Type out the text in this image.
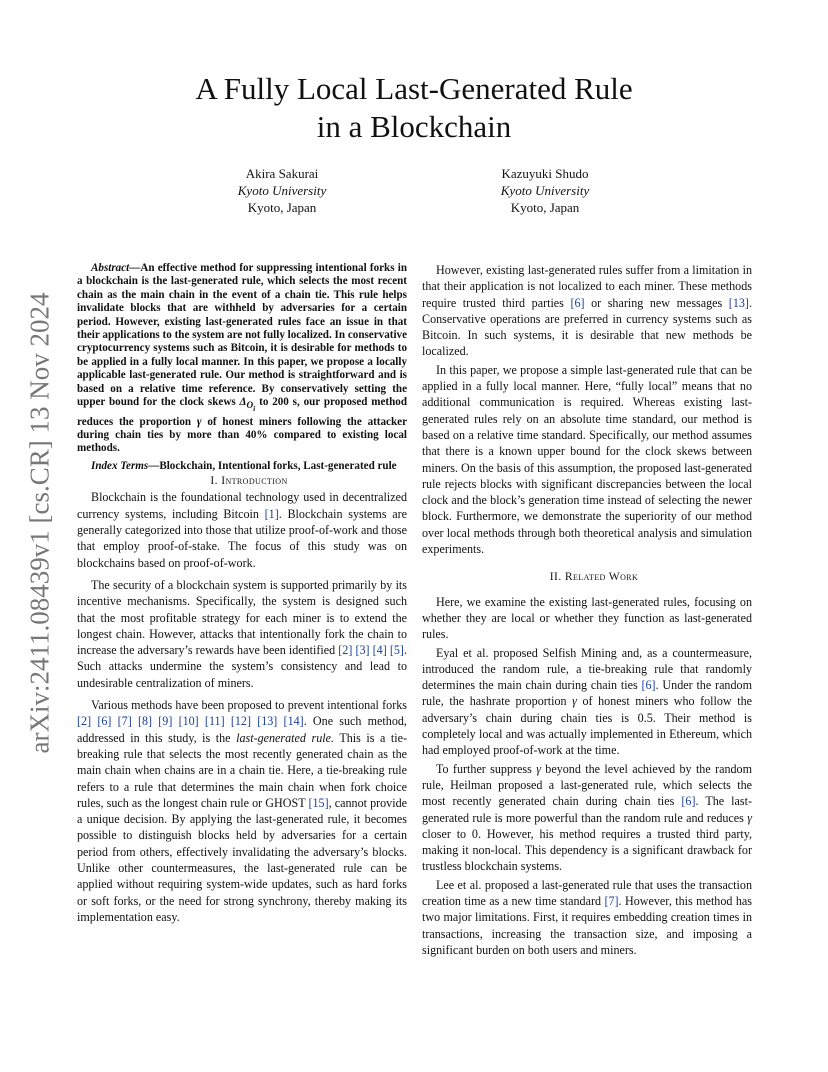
arXiv:2411.08439v1 [cs.CR] 13 Nov 2024
A Fully Local Last-Generated Rule
in a Blockchain
Akira Sakurai
Kyoto University
Kyoto, Japan
Kazuyuki Shudo
Kyoto University
Kyoto, Japan

Abstract—An effective method for suppressing intentional forks in a blockchain is the last-generated rule, which selects the most recent chain as the main chain in the event of a chain tie. This rule helps invalidate blocks that are withheld by adversaries for a certain period. However, existing last-generated rules face an issue in that their applications to the system are not fully localized. In conservative cryptocurrency systems such as Bitcoin, it is desirable for methods to be applied in a fully local manner. In this paper, we propose a locally applicable last-generated rule. Our method is straightforward and is based on a relative time reference. By conservatively setting the upper bound for the clock skews $\Delta_{O_i}$ to 200 s, our proposed method reduces the proportion γ of honest miners following the attacker during chain ties by more than 40% compared to existing local methods.

Index Terms—Blockchain, Intentional forks, Last-generated rule

I. Introduction

Blockchain is the foundational technology used in decentralized currency systems, including Bitcoin [1]. Blockchain systems are generally categorized into those that utilize proof-of-work and those that employ proof-of-stake. The focus of this study was on blockchains based on proof-of-work.

The security of a blockchain system is supported primarily by its incentive mechanisms. Specifically, the system is designed such that the most profitable strategy for each miner is to extend the longest chain. However, attacks that intentionally fork the chain to increase the adversary’s rewards have been identified [2] [3] [4] [5]. Such attacks undermine the system’s consistency and lead to undesirable centralization of miners.

Various methods have been proposed to prevent intentional forks [2] [6] [7] [8] [9] [10] [11] [12] [13] [14]. One such method, addressed in this study, is the last-generated rule. This is a tie-breaking rule that selects the most recently generated chain as the main chain when chains are in a chain tie. Here, a tie-breaking rule refers to a rule that determines the main chain when fork choice rules, such as the longest chain rule or GHOST [15], cannot provide a unique decision. By applying the last-generated rule, it becomes possible to distinguish blocks held by adversaries for a certain period from others, effectively invalidating the adversary’s blocks. Unlike other countermeasures, the last-generated rule can be applied without requiring system-wide updates, such as hard forks or soft forks, or the need for strong synchrony, thereby making its implementation easy.

However, existing last-generated rules suffer from a limitation in that their application is not localized to each miner. These methods require trusted third parties [6] or sharing new messages [13]. Conservative operations are preferred in currency systems such as Bitcoin. In such systems, it is desirable that new methods be localized.

In this paper, we propose a simple last-generated rule that can be applied in a fully local manner. Here, “fully local” means that no additional communication is required. Whereas existing last-generated rules rely on an absolute time standard, our method is based on a relative time standard. Specifically, our method assumes that there is a known upper bound for the clock skews between miners. On the basis of this assumption, the proposed last-generated rule rejects blocks with significant discrepancies between the local clock and the block’s generation time instead of selecting the newer block. Furthermore, we demonstrate the superiority of our method over local methods through both theoretical analysis and simulation experiments.

II. Related Work

Here, we examine the existing last-generated rules, focusing on whether they are local or whether they function as last-generated rules.

Eyal et al. proposed Selfish Mining and, as a countermeasure, introduced the random rule, a tie-breaking rule that randomly determines the main chain during chain ties [6]. Under the random rule, the hashrate proportion γ of honest miners who follow the adversary’s chain during chain ties is 0.5. Their method is completely local and was actually implemented in Ethereum, which had employed proof-of-work at the time.

To further suppress γ beyond the level achieved by the random rule, Heilman proposed a last-generated rule, which selects the most recently generated chain during chain ties [6]. The last-generated rule is more powerful than the random rule and reduces γ closer to 0. However, his method requires a trusted third party, making it non-local. This dependency is a significant drawback for trustless blockchain systems.

Lee et al. proposed a last-generated rule that uses the transaction creation time as a new time standard [7]. However, this method has two major limitations. First, it requires embedding creation times in transactions, increasing the transaction size, and imposing a significant burden on both users and miners.
